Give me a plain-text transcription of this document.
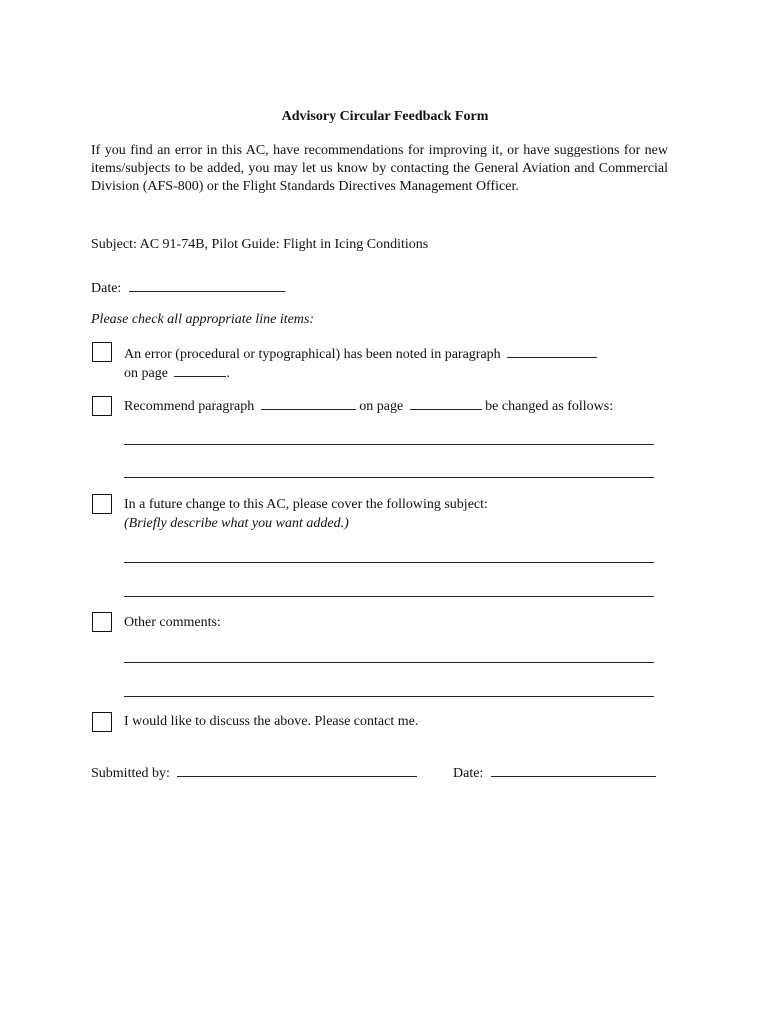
Advisory Circular Feedback Form

If you find an error in this AC, have recommendations for improving it, or have suggestions for new items/subjects to be added, you may let us know by contacting the General Aviation and Commercial Division (AFS-800) or the Flight Standards Directives Management Officer.

Subject: AC 91-74B, Pilot Guide: Flight in Icing Conditions
Date:
Please check all appropriate line items:
An error (procedural or typographical) has been noted in paragraph
on page	.
Recommend paragraph	on page	be changed as follows:
In a future change to this AC, please cover the following subject:
(Briefly describe what you want added.)
Other comments:
I would like to discuss the above. Please contact me.
Submitted by:	Date:
